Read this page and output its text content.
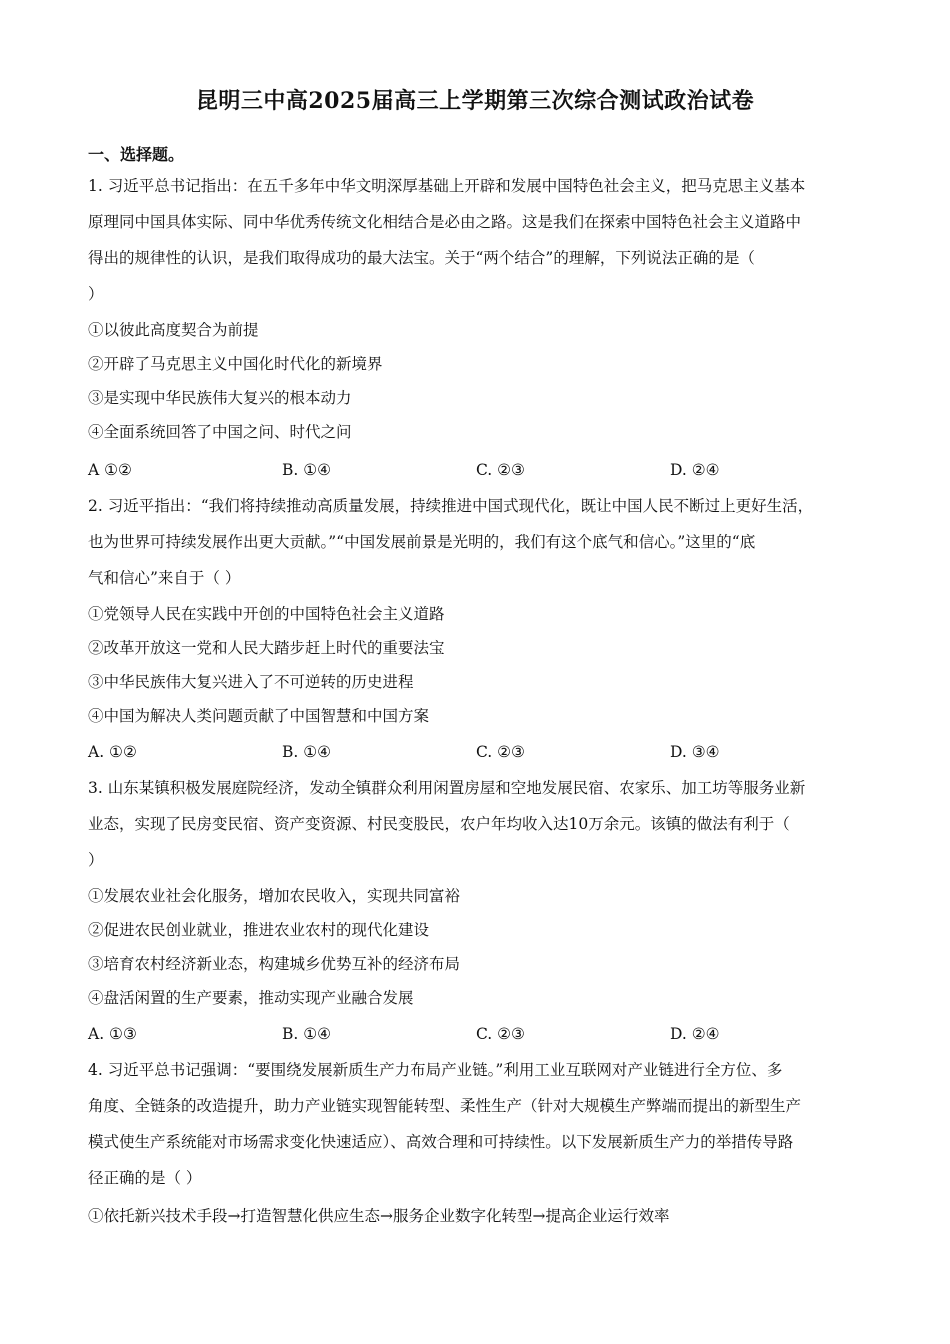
昆明三中高2025届高三上学期第三次综合测试政治试卷
一、选择题。
1. 习近平总书记指出：在五千多年中华文明深厚基础上开辟和发展中国特色社会主义，把马克思主义基本
原理同中国具体实际、同中华优秀传统文化相结合是必由之路。这是我们在探索中国特色社会主义道路中
得出的规律性的认识，是我们取得成功的最大法宝。关于“两个结合”的理解，下列说法正确的是（
）
①以彼此高度契合为前提
②开辟了马克思主义中国化时代化的新境界
③是实现中华民族伟大复兴的根本动力
④全面系统回答了中国之问、时代之问
A ①②	B. ①④	C. ②③	D. ②④
2. 习近平指出：“我们将持续推动高质量发展，持续推进中国式现代化，既让中国人民不断过上更好生活，
也为世界可持续发展作出更大贡献。”“中国发展前景是光明的，我们有这个底气和信心。”这里的“底
气和信心”来自于（ ）
①党领导人民在实践中开创的中国特色社会主义道路
②改革开放这一党和人民大踏步赶上时代的重要法宝
③中华民族伟大复兴进入了不可逆转的历史进程
④中国为解决人类问题贡献了中国智慧和中国方案
A. ①②	B. ①④	C. ②③	D. ③④
3. 山东某镇积极发展庭院经济，发动全镇群众利用闲置房屋和空地发展民宿、农家乐、加工坊等服务业新
业态，实现了民房变民宿、资产变资源、村民变股民，农户年均收入达10万余元。该镇的做法有利于（
）
①发展农业社会化服务，增加农民收入，实现共同富裕
②促进农民创业就业，推进农业农村的现代化建设
③培育农村经济新业态，构建城乡优势互补的经济布局
④盘活闲置的生产要素，推动实现产业融合发展
A. ①③	B. ①④	C. ②③	D. ②④
4. 习近平总书记强调：“要围绕发展新质生产力布局产业链。”利用工业互联网对产业链进行全方位、多
角度、全链条的改造提升，助力产业链实现智能转型、柔性生产（针对大规模生产弊端而提出的新型生产
模式使生产系统能对市场需求变化快速适应）、高效合理和可持续性。以下发展新质生产力的举措传导路
径正确的是（ ）
①依托新兴技术手段→打造智慧化供应生态→服务企业数字化转型→提高企业运行效率
